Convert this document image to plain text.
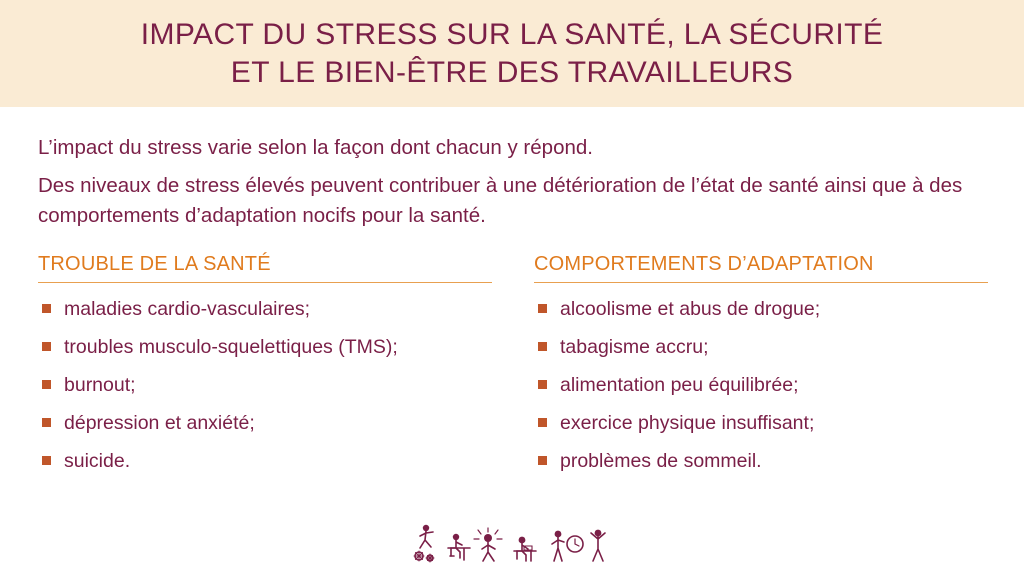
IMPACT DU STRESS SUR LA SANTÉ, LA SÉCURITÉ
ET LE BIEN-ÊTRE DES TRAVAILLEURS

L’impact du stress varie selon la façon dont chacun y répond.

Des niveaux de stress élevés peuvent contribuer à une détérioration de l’état de santé ainsi que à des comportements d’adaptation nocifs pour la santé.

TROUBLE DE LA SANTÉ
maladies cardio-vasculaires;
troubles musculo-squelettiques (TMS);
burnout;
dépression et anxiété;
suicide.
COMPORTEMENTS D’ADAPTATION
alcoolisme et abus de drogue;
tabagisme accru;
alimentation peu équilibrée;
exercice physique insuffisant;
problèmes de sommeil.
